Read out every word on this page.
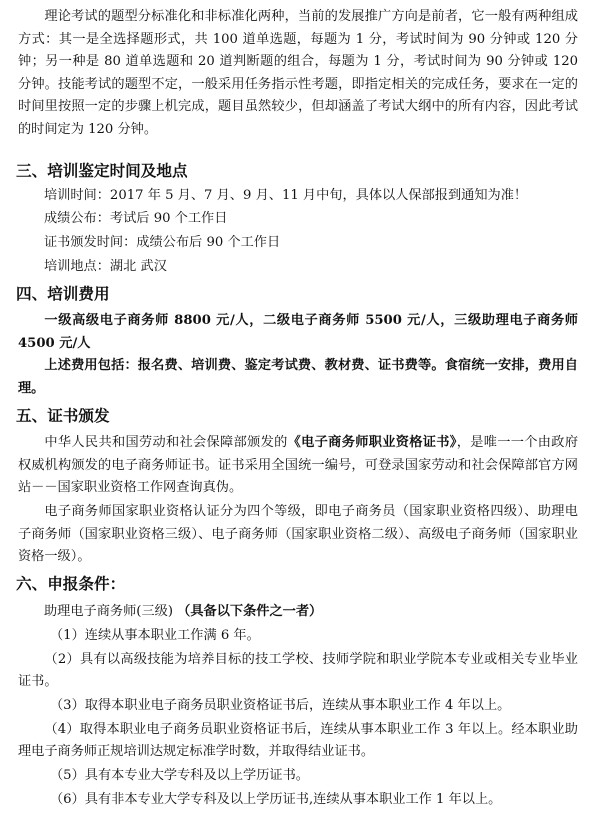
理论考试的题型分标准化和非标准化两种，当前的发展推广方向是前者，它一般有两种组成方式：其一是全选择题形式，共 100 道单选题，每题为 1 分，考试时间为 90 分钟或 120 分钟；另一种是 80 道单选题和 20 道判断题的组合，每题为 1 分，考试时间为 90 分钟或 120 分钟。技能考试的题型不定，一般采用任务指示性考题，即指定相关的完成任务，要求在一定的时间里按照一定的步骤上机完成，题目虽然较少，但却涵盖了考试大纲中的所有内容，因此考试的时间定为 120 分钟。

三、培训鉴定时间及地点

培训时间：2017 年 5 月、7 月、9 月、11 月中旬，具体以人保部报到通知为准！

成绩公布：考试后 90 个工作日

证书颁发时间：成绩公布后 90 个工作日

培训地点：湖北 武汉

四、培训费用

一级高级电子商务师 8800 元/人，二级电子商务师 5500 元/人，三级助理电子商务师 4500 元/人

上述费用包括：报名费、培训费、鉴定考试费、教材费、证书费等。食宿统一安排，费用自理。

五、证书颁发

中华人民共和国劳动和社会保障部颁发的《电子商务师职业资格证书》，是唯一一个由政府权威机构颁发的电子商务师证书。证书采用全国统一编号，可登录国家劳动和社会保障部官方网站－－国家职业资格工作网查询真伪。

电子商务师国家职业资格认证分为四个等级，即电子商务员（国家职业资格四级）、助理电子商务师（国家职业资格三级）、电子商务师（国家职业资格二级）、高级电子商务师（国家职业资格一级）。

六、申报条件：

助理电子商务师(三级) （具备以下条件之一者）

（1）连续从事本职业工作满 6 年。

（2）具有以高级技能为培养目标的技工学校、技师学院和职业学院本专业或相关专业毕业证书。

（3）取得本职业电子商务员职业资格证书后，连续从事本职业工作 4 年以上。

（4）取得本职业电子商务员职业资格证书后，连续从事本职业工作 3 年以上。经本职业助理电子商务师正规培训达规定标准学时数，并取得结业证书。

（5）具有本专业大学专科及以上学历证书。

（6）具有非本专业大学专科及以上学历证书,连续从事本职业工作 1 年以上。
